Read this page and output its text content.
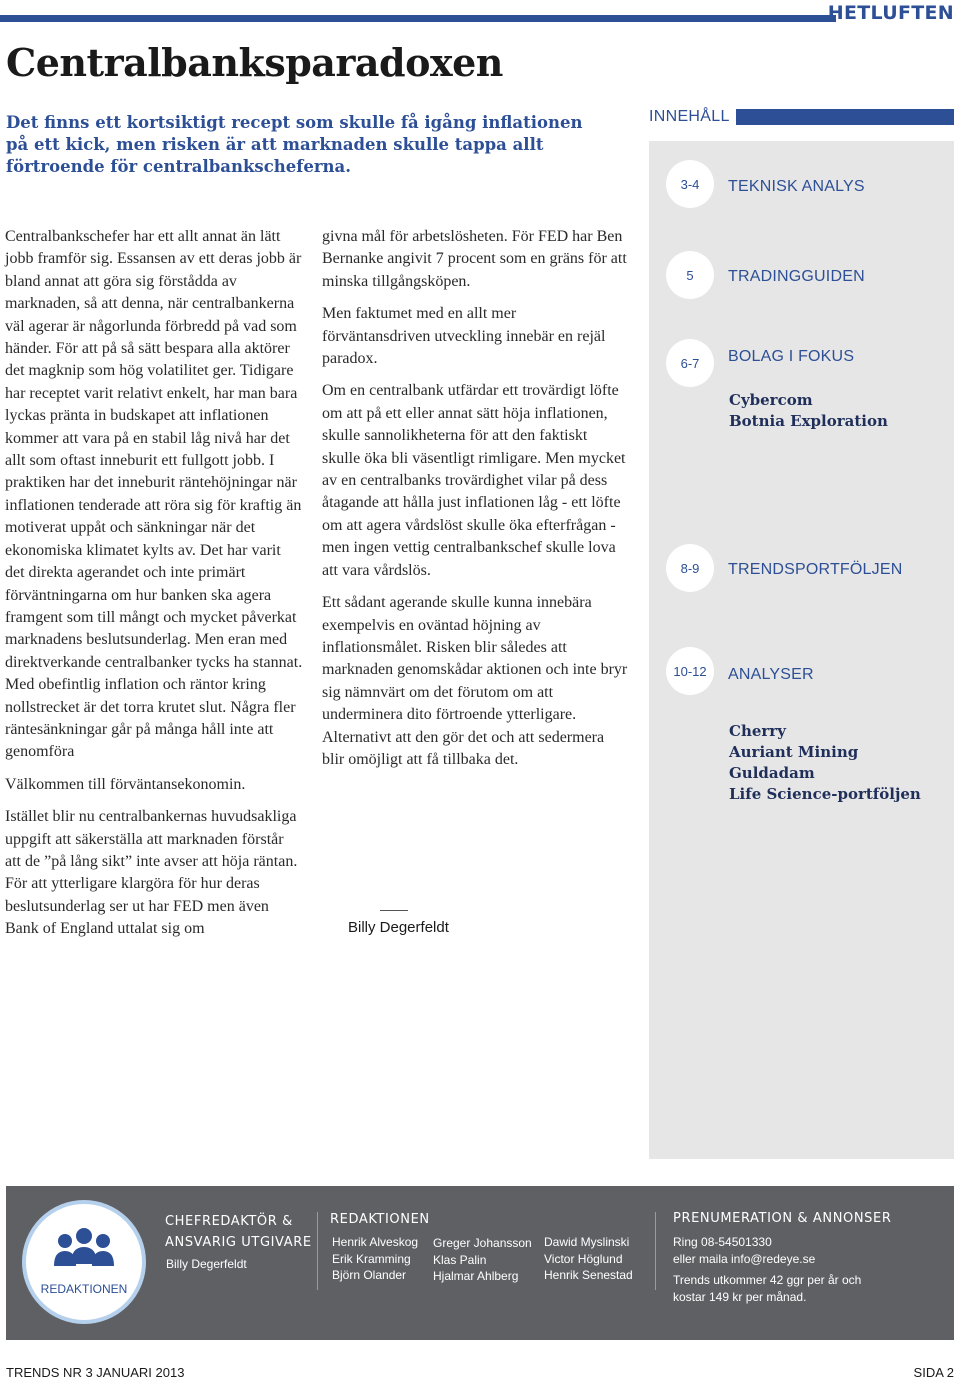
HETLUFTEN
Centralbanksparadoxen

Det finns ett kortsiktigt recept som skulle få igång inflationen på ett kick, men risken är att marknaden skulle tappa allt förtroende för centralbankscheferna.

Centralbankschefer har ett allt annat än lätt jobb framför sig. Essansen av ett deras jobb är bland annat att göra sig förstådda av marknaden, så att denna, när centralbankerna väl agerar är någorlunda förbredd på vad som händer. För att på så sätt bespara alla aktörer det magknip som hög volatilitet ger. Tidigare har receptet varit relativt enkelt, har man bara lyckas pränta in budskapet att inflationen kommer att vara på en stabil låg nivå har det allt som oftast inneburit ett fullgott jobb. I praktiken har det inneburit räntehöjningar när inflationen tenderade att röra sig för kraftig än motiverat uppåt och sänkningar när det ekonomiska klimatet kylts av. Det har varit det direkta agerandet och inte primärt förväntningarna om hur banken ska agera framgent som till mångt och mycket påverkat marknadens beslutsunderlag. Men eran med direktverkande centralbanker tycks ha stannat. Med obefintlig inflation och räntor kring nollstrecket är det torra krutet slut. Några fler räntesänkningar går på många håll inte att genomföra

Välkommen till förväntansekonomin.

Istället blir nu centralbankernas huvudsakliga uppgift att säkerställa att marknaden förstår att de ”på lång sikt” inte avser att höja räntan. För att ytterligare klargöra för hur deras beslutsunderlag ser ut har FED men även Bank of England uttalat sig om

givna mål för arbetslösheten. För FED har Ben Bernanke angivit 7 procent som en gräns för att minska tillgångsköpen.

Men faktumet med en allt mer förväntansdriven utveckling innebär en rejäl paradox.

Om en centralbank utfärdar ett trovärdigt löfte om att på ett eller annat sätt höja inflationen, skulle sannolikheterna för att den faktiskt skulle öka bli väsentligt rimligare. Men mycket av en centralbanks trovärdighet vilar på dess åtagande att hålla just inflationen låg - ett löfte om att agera vårdslöst skulle öka efterfrågan - men ingen vettig centralbankschef skulle lova att vara vårdslös.

Ett sådant agerande skulle kunna innebära exempelvis en oväntad höjning av inflationsmålet. Risken blir således att marknaden genomskådar aktionen och inte bryr sig nämnvärt om det förutom om att underminera dito förtroende ytterligare. Alternativt att den gör det och att sedermera blir omöjligt att få tillbaka det.

Billy Degerfeldt
INNEHÅLL
3-4	TEKNISK ANALYS
5	TRADINGGUIDEN
6-7	BOLAG I FOKUS
Cybercom
Botnia Exploration
8-9	TRENDSPORTFÖLJEN
10-12	ANALYSER
Cherry
Auriant Mining
Guldadam
Life Science-portföljen
REDAKTIONEN
CHEFREDAKTÖR &
ANSVARIG UTGIVARE
Billy Degerfeldt
REDAKTIONEN
Henrik Alveskog
Erik Kramming
Björn Olander
Greger Johansson
Klas Palin
Hjalmar Ahlberg
Dawid Myslinski
Victor Höglund
Henrik Senestad
PRENUMERATION & ANNONSER
Ring 08-54501330
eller maila info@redeye.se
Trends utkommer 42 ggr per år och
kostar 149 kr per månad.
TRENDS NR 3 JANUARI 2013	SIDA 2
